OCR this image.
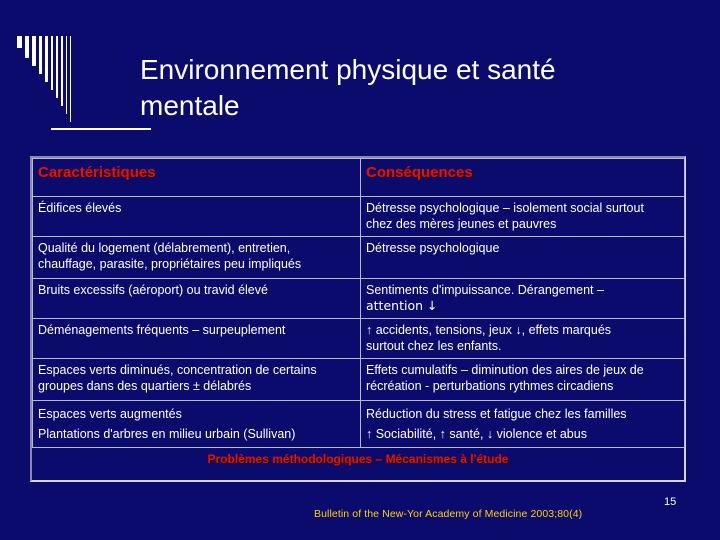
Environnement physique et santé
mentale
Caractéristiques	Conséquences

Édifices élevés	Détresse psychologique – isolement social surtout
chez des mères jeunes et pauvres

Qualité du logement (délabrement), entretien,
chauffage, parasite, propriétaires peu impliqués	Détresse psychologique

Bruits excessifs (aéroport) ou travid élevé	Sentiments d'impuissance. Dérangement –
attention ↓

Déménagements fréquents – surpeuplement	↑ accidents, tensions, jeux ↓, effets marqués
surtout chez les enfants.

Espaces verts diminués, concentration de certains
groupes dans des quartiers ± délabrés	Effets cumulatifs – diminution des aires de jeux de
récréation - perturbations rythmes circadiens

Espaces verts augmentés
Plantations d'arbres en milieu urbain (Sullivan)	Réduction du stress et fatigue chez les familles
↑ Sociabilité, ↑ santé, ↓ violence et abus
Problèmes méthodologiques – Mécanismes à l'étude
Bulletin of the New-Yor Academy of Medicine 2003;80(4)
15
